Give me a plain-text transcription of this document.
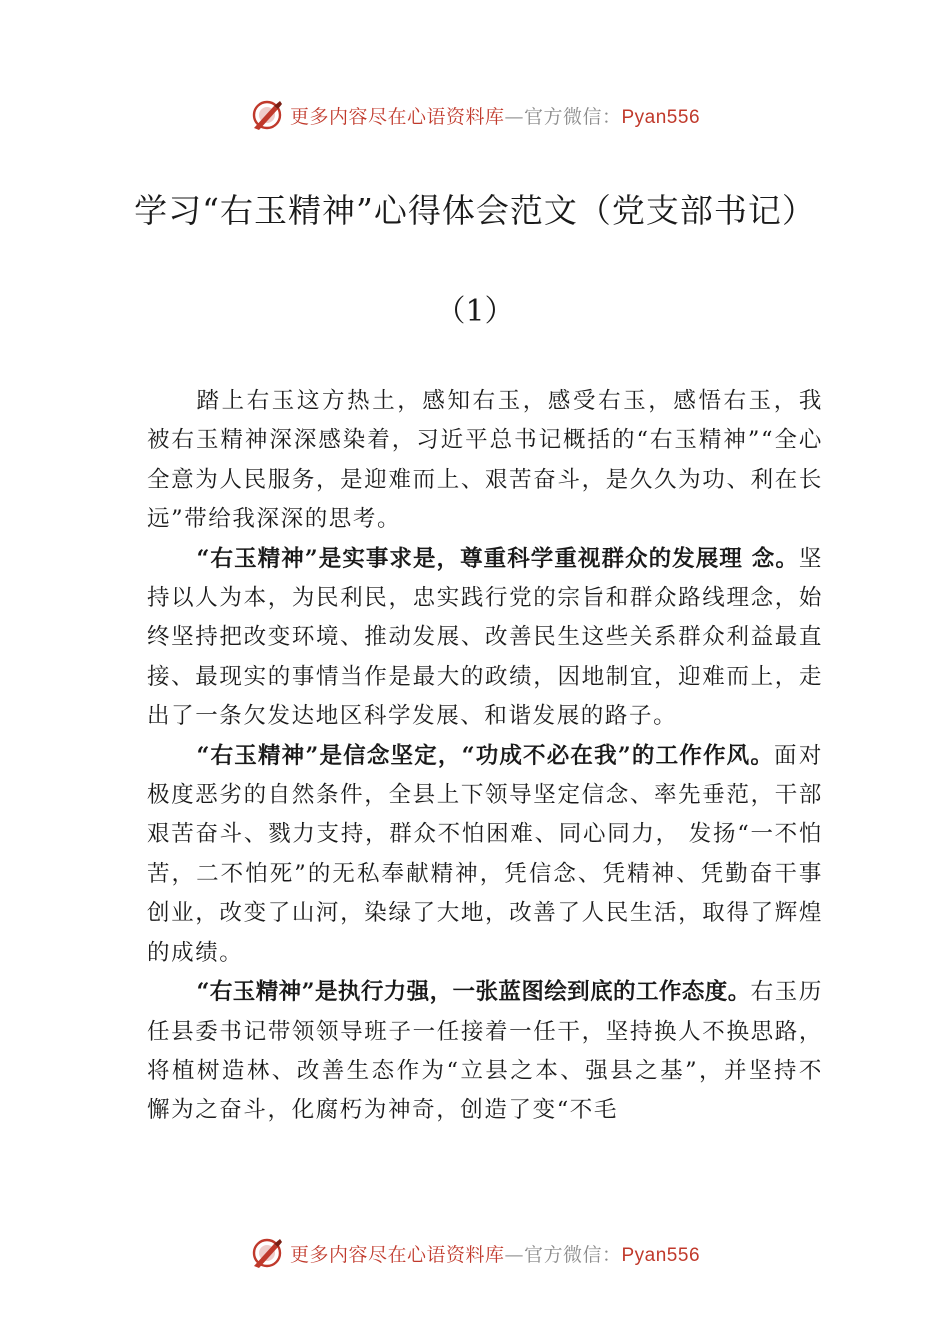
更多内容尽在心语资料库—官方微信：Pyan556
学习“右玉精神”心得体会范文（党支部书记）
（1）

踏上右玉这方热土，感知右玉，感受右玉，感悟右玉，我被右玉精神深深感染着，习近平总书记概括的“右玉精神”“全心全意为人民服务，是迎难而上、艰苦奋斗，是久久为功、利在长远”带给我深深的思考。

“右玉精神”是实事求是，尊重科学重视群众的发展理 念。坚持以人为本，为民利民，忠实践行党的宗旨和群众路线理念，始终坚持把改变环境、推动发展、改善民生这些关系群众利益最直接、最现实的事情当作是最大的政绩，因地制宜，迎难而上，走出了一条欠发达地区科学发展、和谐发展的路子。

“右玉精神”是信念坚定，“功成不必在我”的工作作风。面对极度恶劣的自然条件，全县上下领导坚定信念、率先垂范，干部艰苦奋斗、戮力支持，群众不怕困难、同心同力， 发扬“一不怕苦，二不怕死”的无私奉献精神，凭信念、凭精神、凭勤奋干事创业，改变了山河，染绿了大地，改善了人民生活，取得了辉煌的成绩。

“右玉精神”是执行力强，一张蓝图绘到底的工作态度。右玉历任县委书记带领领导班子一任接着一任干，坚持换人不换思路，将植树造林、改善生态作为“立县之本、强县之基”，并坚持不懈为之奋斗，化腐朽为神奇，创造了变“不毛

更多内容尽在心语资料库—官方微信：Pyan556
